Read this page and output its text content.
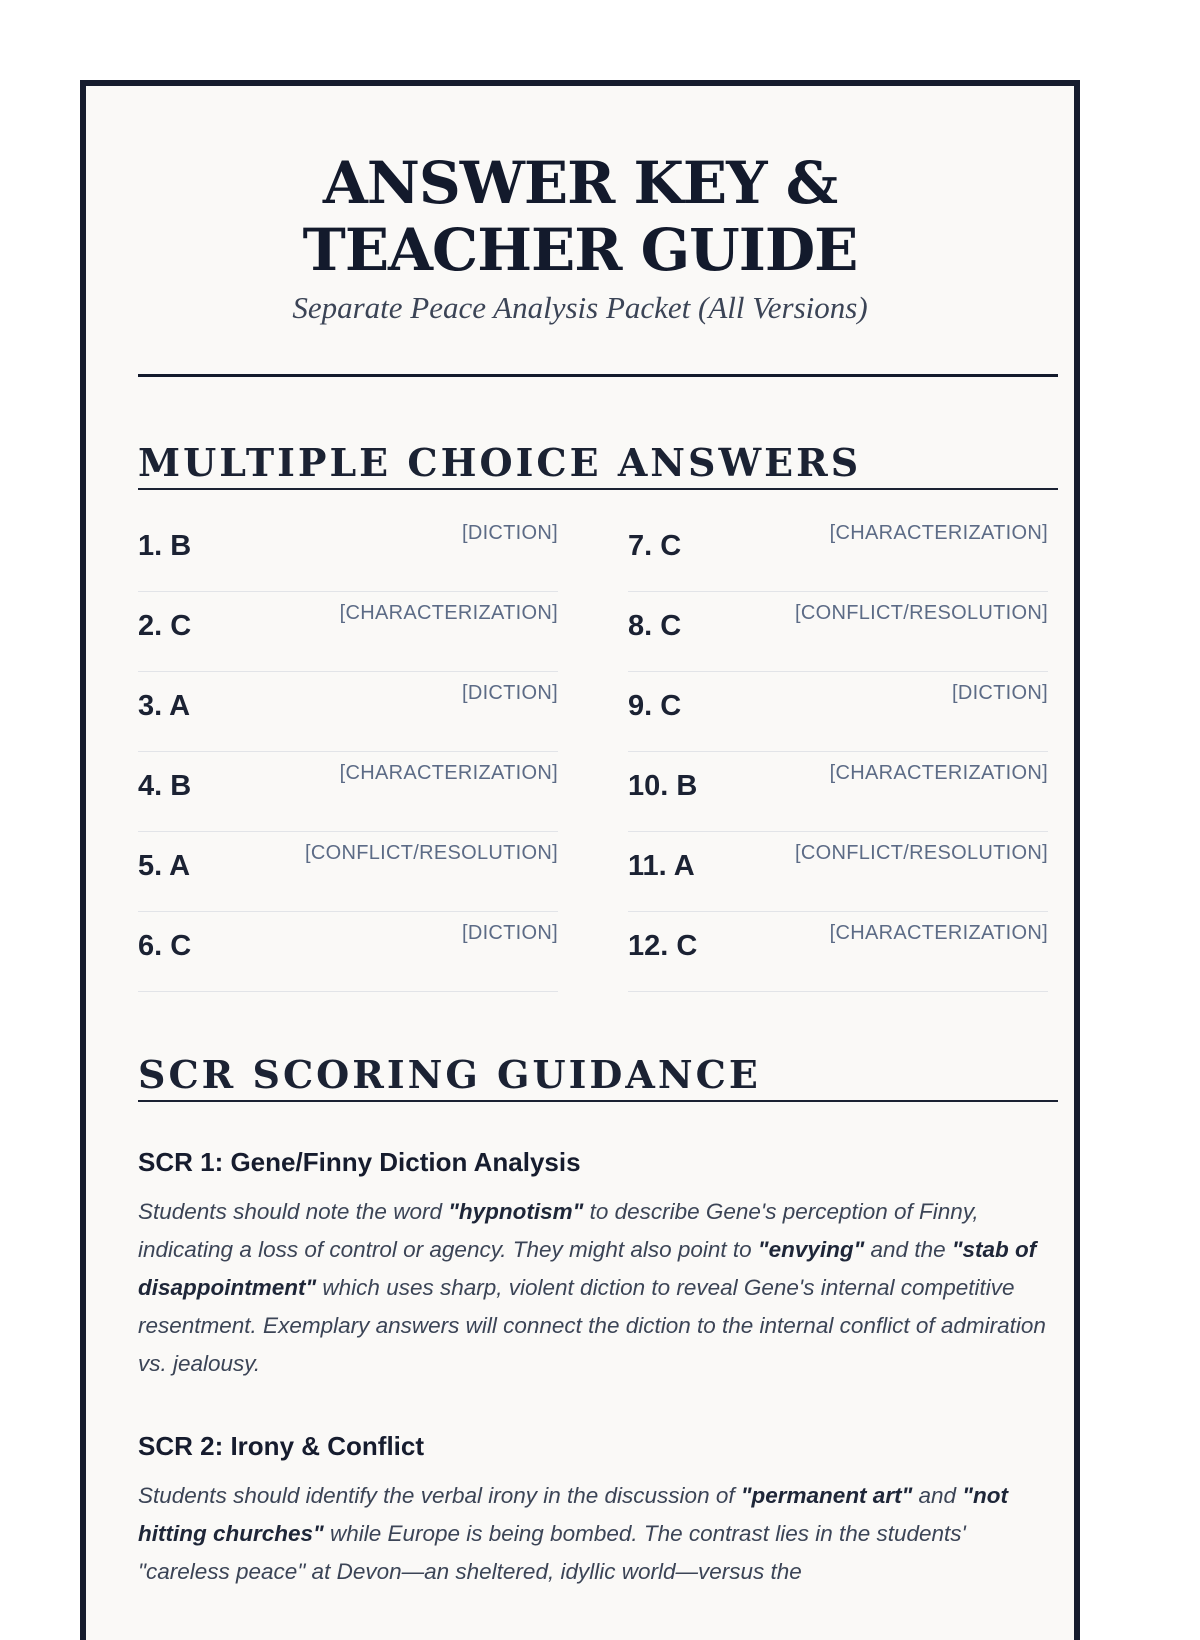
ANSWER KEY & TEACHER GUIDE
Separate Peace Analysis Packet (All Versions)
MULTIPLE CHOICE ANSWERS
1. B	[DICTION]
2. C	[CHARACTERIZATION]
3. A	[DICTION]
4. B	[CHARACTERIZATION]
5. A	[CONFLICT/RESOLUTION]
6. C	[DICTION]
7. C	[CHARACTERIZATION]
8. C	[CONFLICT/RESOLUTION]
9. C	[DICTION]
10. B	[CHARACTERIZATION]
11. A	[CONFLICT/RESOLUTION]
12. C	[CHARACTERIZATION]
SCR SCORING GUIDANCE
SCR 1: Gene/Finny Diction Analysis

Students should note the word "hypnotism" to describe Gene's perception of Finny, indicating a loss of control or agency. They might also point to "envying" and the "stab of disappointment" which uses sharp, violent diction to reveal Gene's internal competitive resentment. Exemplary answers will connect the diction to the internal conflict of admiration vs. jealousy.

SCR 2: Irony & Conflict

Students should identify the verbal irony in the discussion of "permanent art" and "not hitting churches" while Europe is being bombed. The contrast lies in the students' "careless peace" at Devon—an sheltered, idyllic world—versus the
